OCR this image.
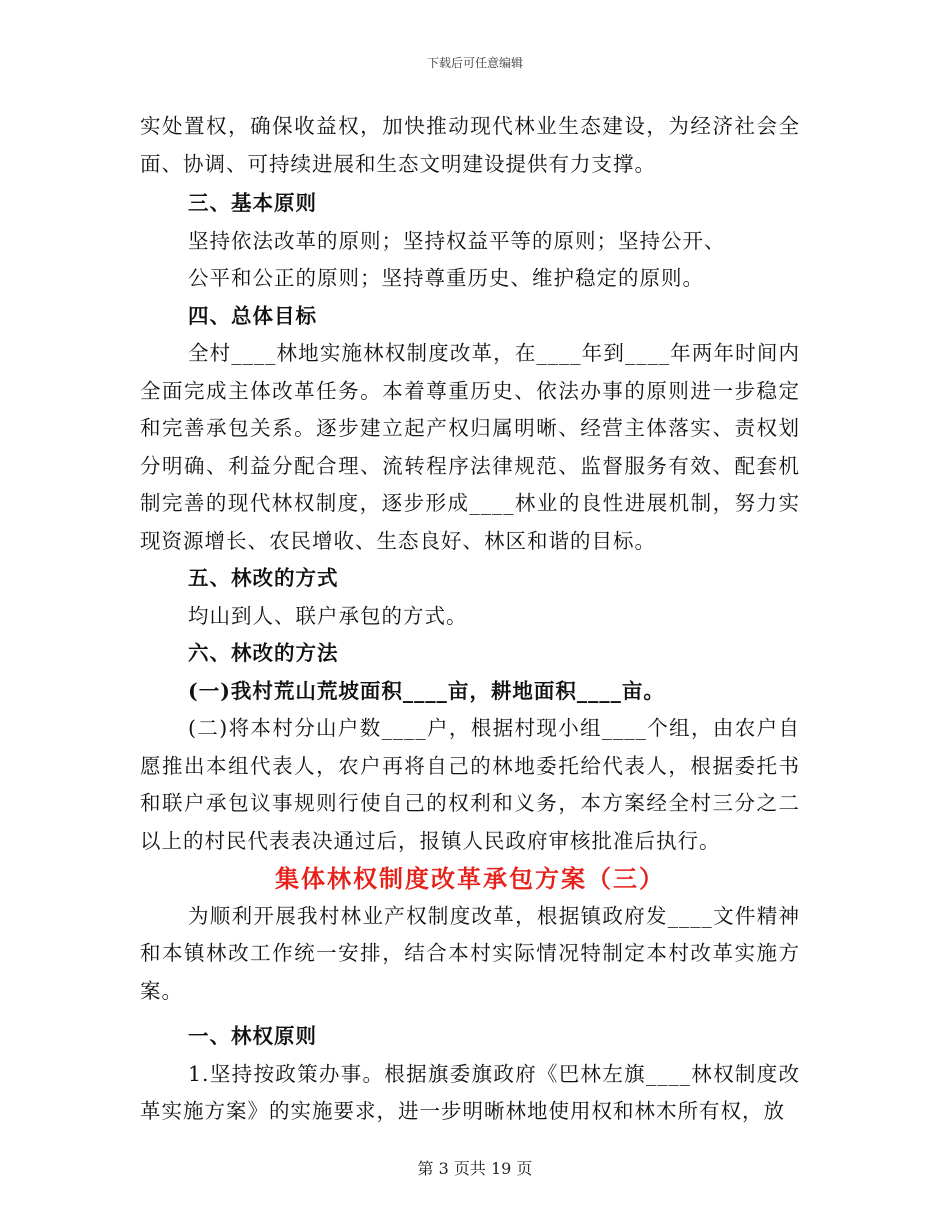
下载后可任意编辑

实处置权，确保收益权，加快推动现代林业生态建设，为经济社会全面、协调、可持续进展和生态文明建设提供有力支撑。

三、基本原则

坚持依法改革的原则；坚持权益平等的原则；坚持公开、

公平和公正的原则；坚持尊重历史、维护稳定的原则。

四、总体目标

全村____林地实施林权制度改革，在____年到____年两年时间内全面完成主体改革任务。本着尊重历史、依法办事的原则进一步稳定和完善承包关系。逐步建立起产权归属明晰、经营主体落实、责权划分明确、利益分配合理、流转程序法律规范、监督服务有效、配套机制完善的现代林权制度，逐步形成____林业的良性进展机制，努力实现资源增长、农民增收、生态良好、林区和谐的目标。

五、林改的方式

均山到人、联户承包的方式。

六、林改的方法

(一)我村荒山荒坡面积____亩，耕地面积____亩。

(二)将本村分山户数____户，根据村现小组____个组，由农户自愿推出本组代表人，农户再将自己的林地委托给代表人，根据委托书和联户承包议事规则行使自己的权利和义务，本方案经全村三分之二以上的村民代表表决通过后，报镇人民政府审核批准后执行。

集体林权制度改革承包方案（三）

为顺利开展我村林业产权制度改革，根据镇政府发____文件精神和本镇林改工作统一安排，结合本村实际情况特制定本村改革实施方案。

一、林权原则

1.坚持按政策办事。根据旗委旗政府《巴林左旗____林权制度改革实施方案》的实施要求，进一步明晰林地使用权和林木所有权，放

第 3 页共 19 页
